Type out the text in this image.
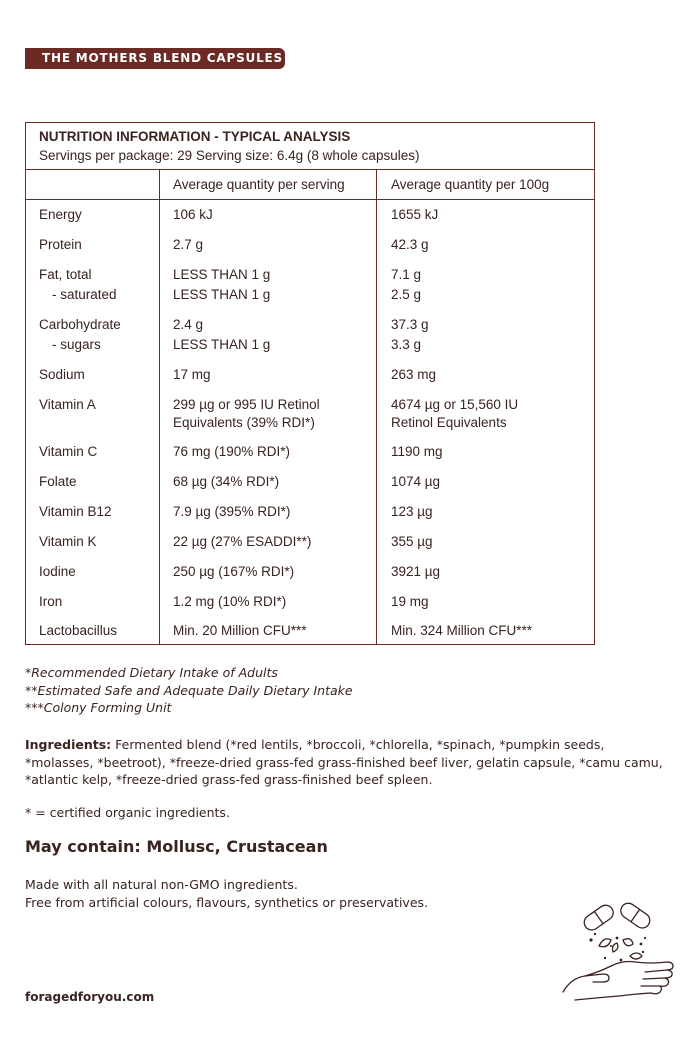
THE MOTHERS BLEND CAPSULES
NUTRITION INFORMATION - TYPICAL ANALYSIS
Servings per package: 29 Serving size: 6.4g (8 whole capsules)
Average quantity per serving	Average quantity per 100g
Energy	106 kJ	1655 kJ
Protein	2.7 g	42.3 g
Fat, total	LESS THAN 1 g	7.1 g
- saturated	LESS THAN 1 g	2.5 g
Carbohydrate	2.4 g	37.3 g
- sugars	LESS THAN 1 g	3.3 g
Sodium	17 mg	263 mg
Vitamin A	299 µg or 995 IU Retinol	4674 µg or 15,560 IU
Equivalents (39% RDI*)	Retinol Equivalents
Vitamin C	76 mg (190% RDI*)	1190 mg
Folate	68 µg (34% RDI*)	1074 µg
Vitamin B12	7.9 µg (395% RDI*)	123 µg
Vitamin K	22 µg (27% ESADDI**)	355 µg
Iodine	250 µg (167% RDI*)	3921 µg
Iron	1.2 mg (10% RDI*)	19 mg
Lactobacillus	Min. 20 Million CFU***	Min. 324 Million CFU***
*Recommended Dietary Intake of Adults
**Estimated Safe and Adequate Daily Dietary Intake
***Colony Forming Unit
Ingredients: Fermented blend (*red lentils, *broccoli, *chlorella, *spinach, *pumpkin seeds, *molasses, *beetroot), *freeze-dried grass-fed grass-finished beef liver, gelatin capsule, *camu camu, *atlantic kelp, *freeze-dried grass-fed grass-finished beef spleen.
* = certified organic ingredients.
May contain: Mollusc, Crustacean
Made with all natural non-GMO ingredients.
Free from artificial colours, flavours, synthetics or preservatives.
foragedforyou.com
